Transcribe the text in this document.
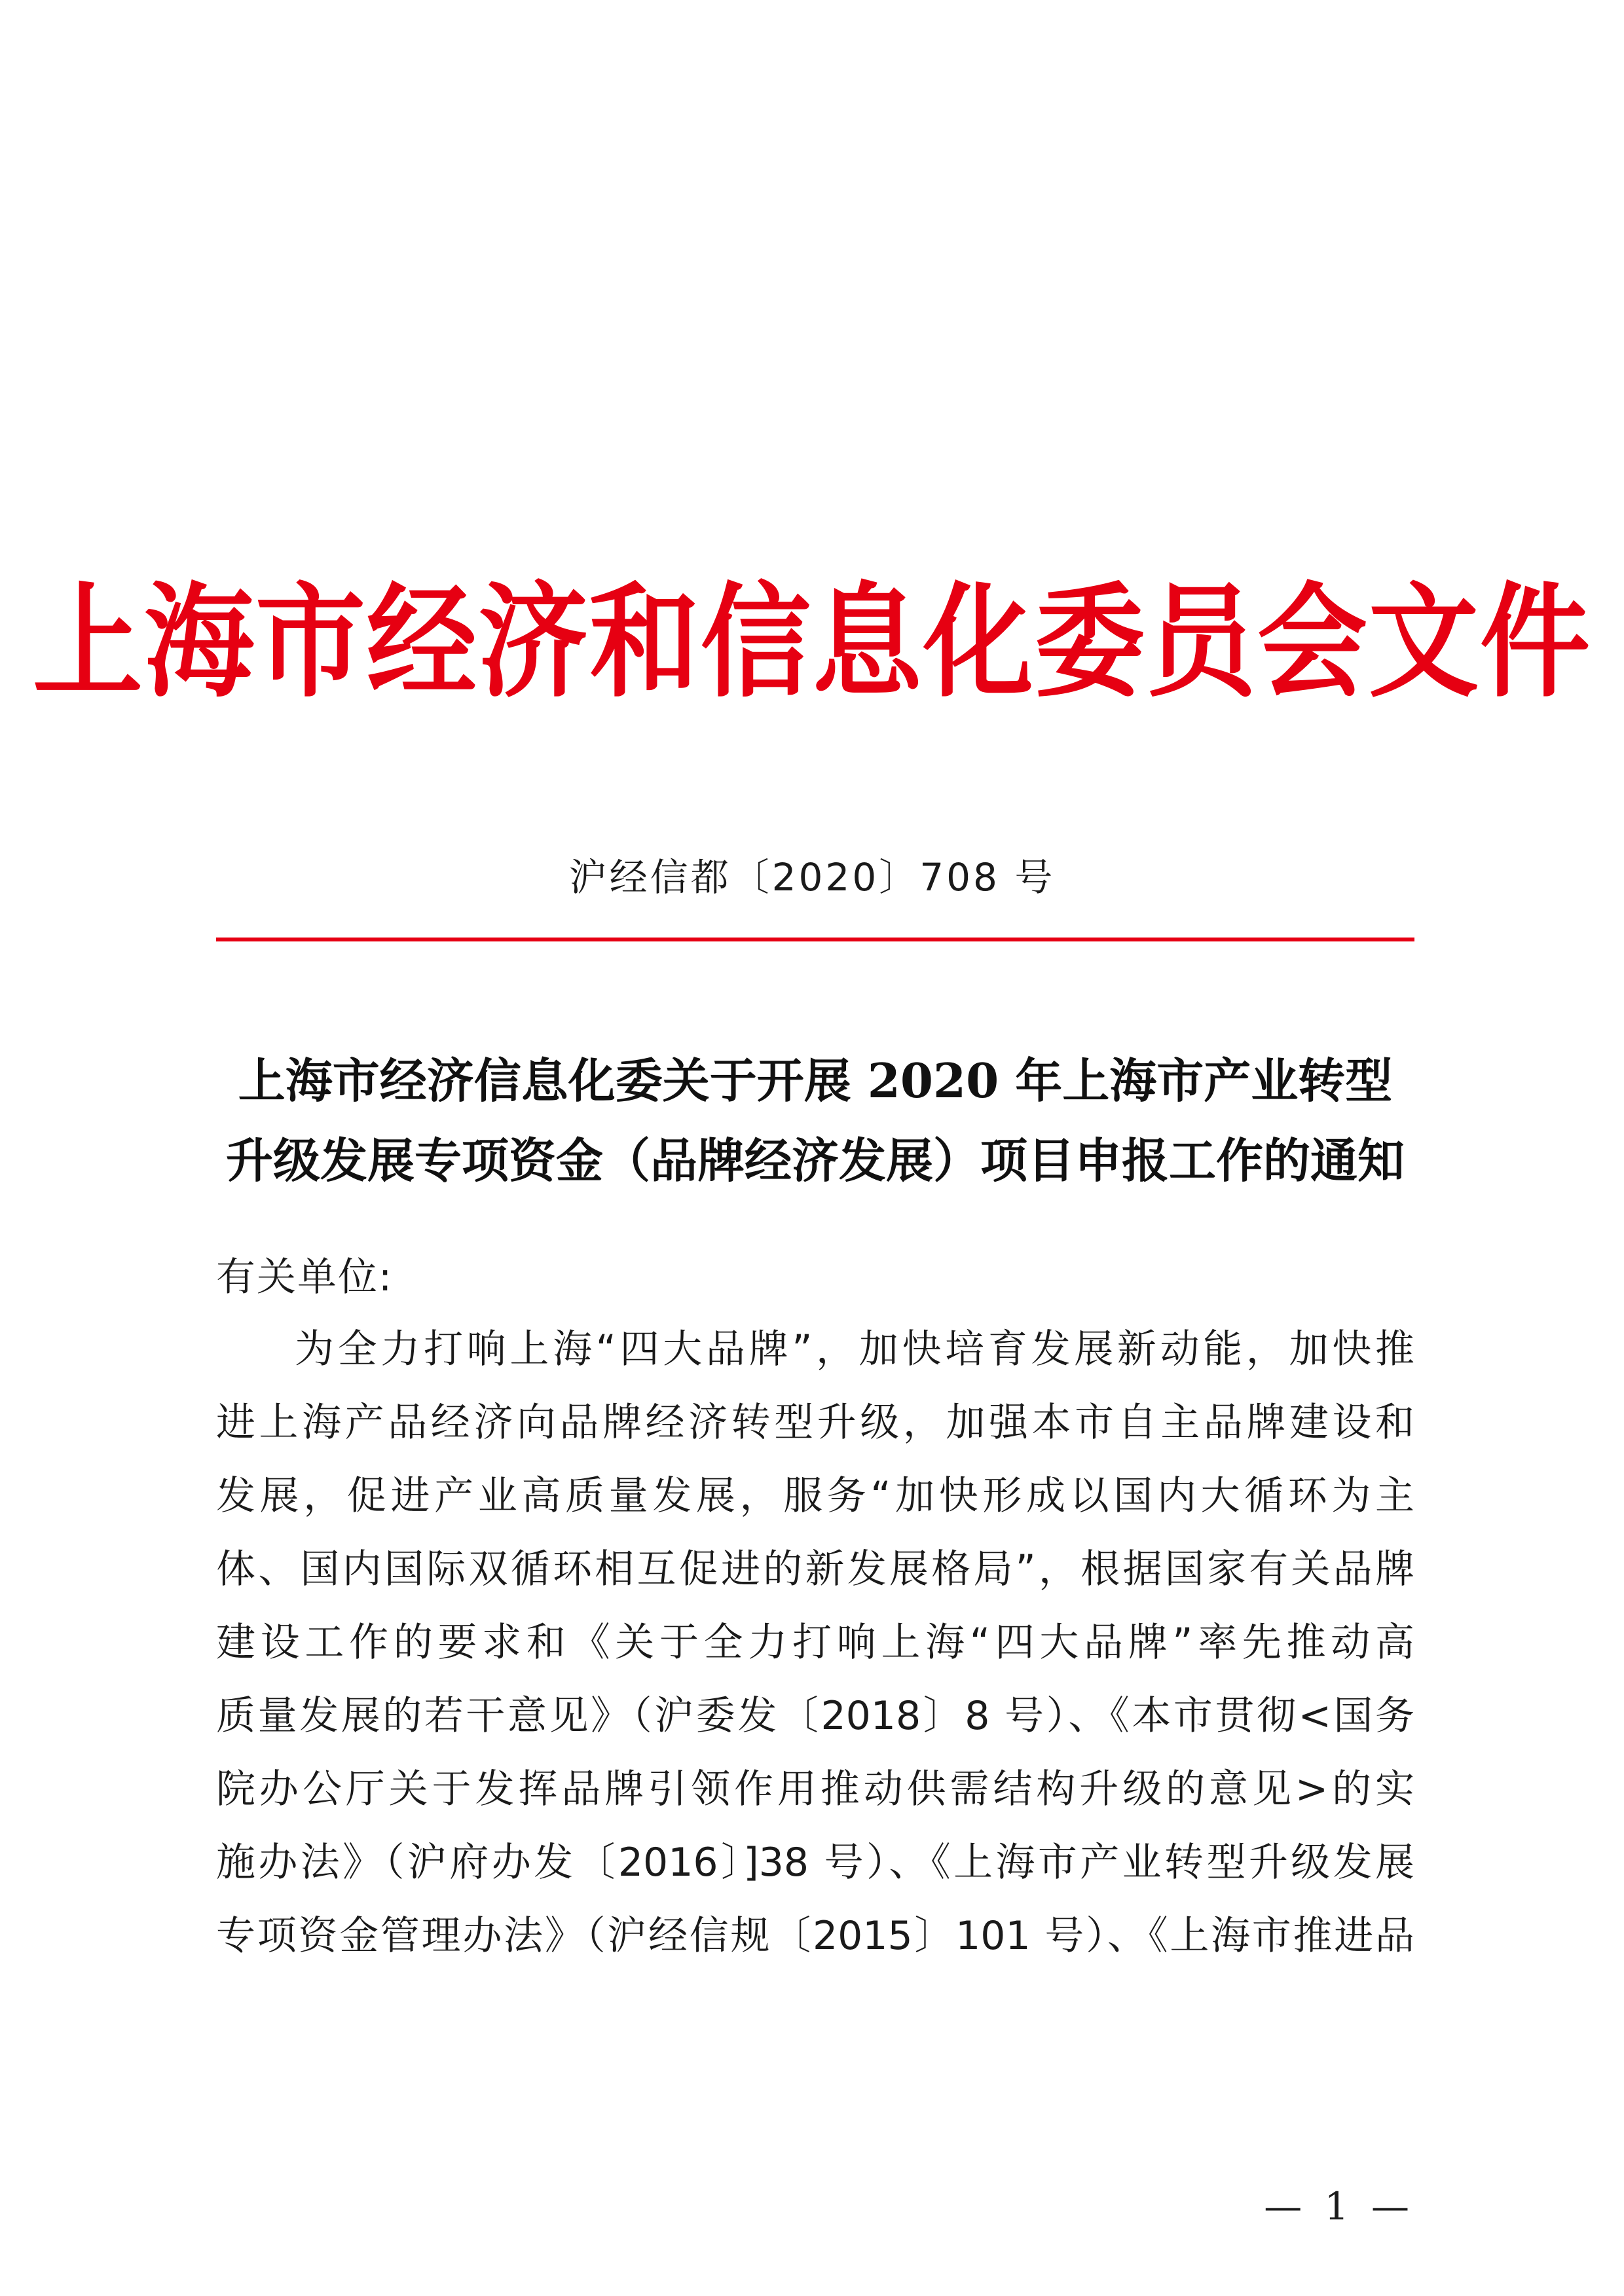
上海市经济和信息化委员会文件
沪经信都〔2020〕708 号
上海市经济信息化委关于开展 2020 年上海市产业转型
升级发展专项资金（品牌经济发展）项目申报工作的通知
有关单位:
为全力打响上海“四大品牌”，加快培育发展新动能，加快推
进上海产品经济向品牌经济转型升级，加强本市自主品牌建设和
发展，促进产业高质量发展，服务“加快形成以国内大循环为主
体、国内国际双循环相互促进的新发展格局”，根据国家有关品牌
建设工作的要求和《关于全力打响上海“四大品牌”率先推动高
质量发展的若干意见》（沪委发〔2018〕8 号）、《本市贯彻<国务
院办公厅关于发挥品牌引领作用推动供需结构升级的意见>的实
施办法》（沪府办发〔2016〕]38 号）、《上海市产业转型升级发展
专项资金管理办法》（沪经信规〔2015〕101 号）、《上海市推进品
— 1 —
